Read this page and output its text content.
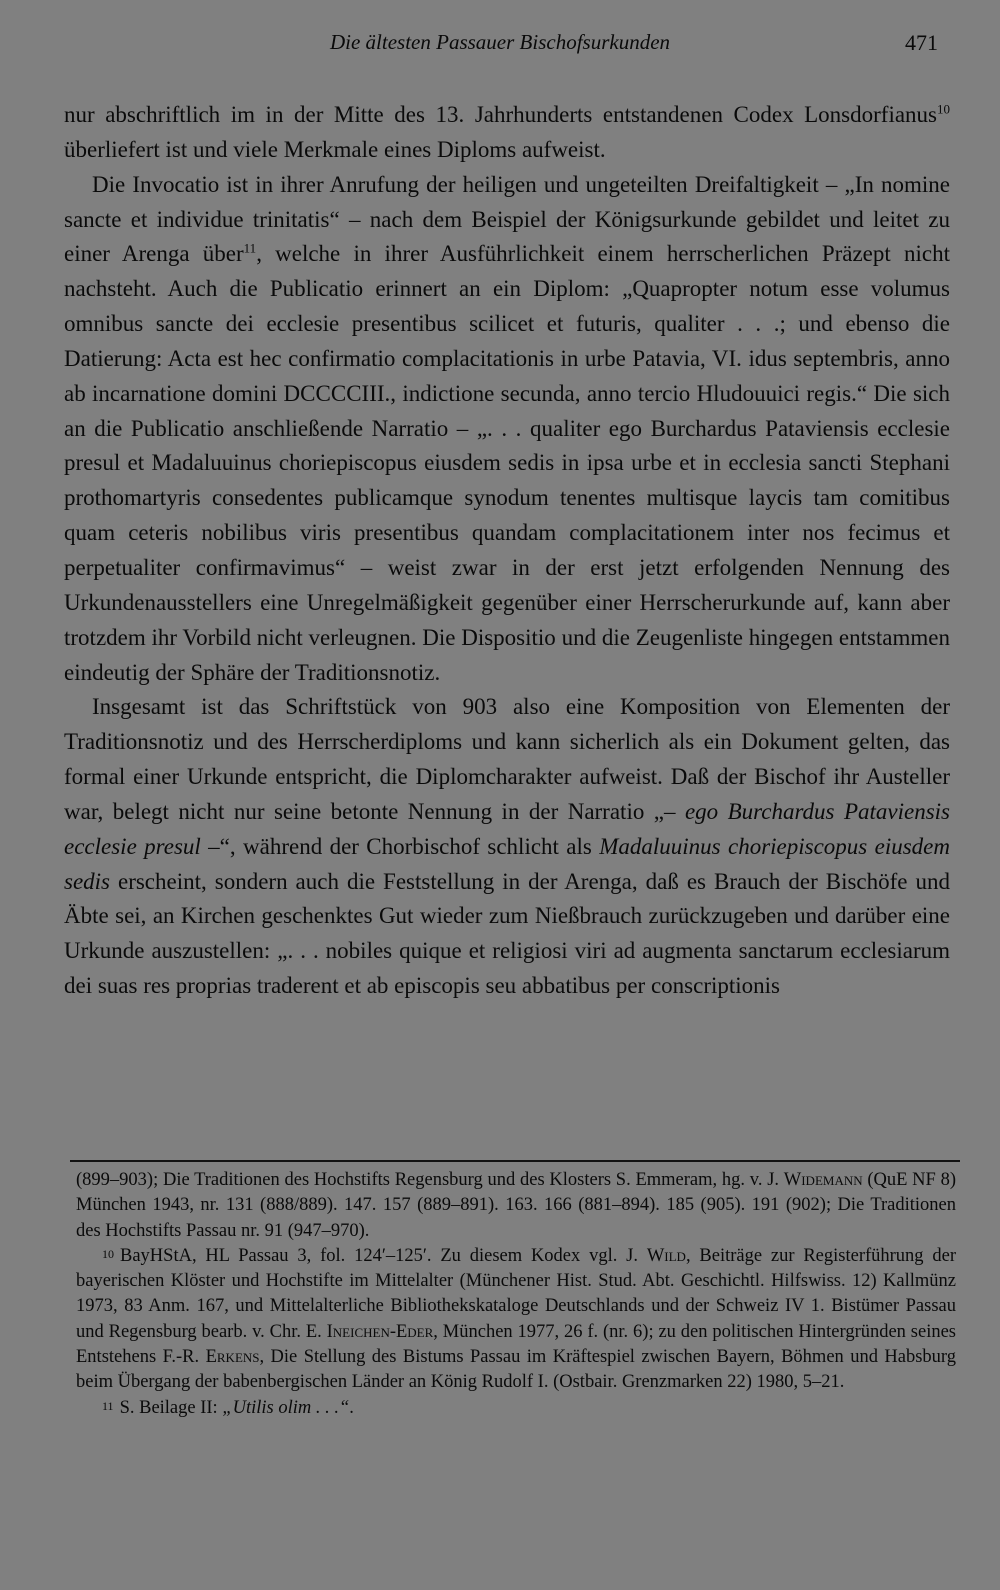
Die ältesten Passauer Bischofsurkunden	471

nur abschriftlich im in der Mitte des 13. Jahrhunderts entstandenen Codex Lonsdorfianus$^{10}$ überliefert ist und viele Merkmale eines Diploms aufweist.

Die Invocatio ist in ihrer Anrufung der heiligen und ungeteilten Dreifaltigkeit – „In nomine sancte et individue trinitatis“ – nach dem Beispiel der Königsurkunde gebildet und leitet zu einer Arenga über$^{11}$, welche in ihrer Ausführlichkeit einem herrscherlichen Präzept nicht nachsteht. Auch die Publicatio erinnert an ein Diplom: „Quapropter notum esse volumus omnibus sancte dei ecclesie presentibus scilicet et futuris, qualiter . . .; und ebenso die Datierung: Acta est hec confirmatio complacitationis in urbe Patavia, VI. idus septembris, anno ab incarnatione domini DCCCCIII., indictione secunda, anno tercio Hludouuici regis.“ Die sich an die Publicatio anschließende Narratio – „. . . qualiter ego Burchardus Pataviensis ecclesie presul et Madaluuinus choriepiscopus eiusdem sedis in ipsa urbe et in ecclesia sancti Stephani prothomartyris consedentes publicamque synodum tenentes multisque laycis tam comitibus quam ceteris nobilibus viris presentibus quandam complacitationem inter nos fecimus et perpetualiter confirmavimus“ – weist zwar in der erst jetzt erfolgenden Nennung des Urkundenausstellers eine Unregelmäßigkeit gegenüber einer Herrscherurkunde auf, kann aber trotzdem ihr Vorbild nicht verleugnen. Die Dispositio und die Zeugenliste hingegen entstammen eindeutig der Sphäre der Traditionsnotiz.

Insgesamt ist das Schriftstück von 903 also eine Komposition von Elementen der Traditionsnotiz und des Herrscherdiploms und kann sicherlich als ein Dokument gelten, das formal einer Urkunde entspricht, die Diplomcharakter aufweist. Daß der Bischof ihr Austeller war, belegt nicht nur seine betonte Nennung in der Narratio „– ego Burchardus Pataviensis ecclesie presul –“, während der Chorbischof schlicht als Madaluuinus choriepiscopus eiusdem sedis erscheint, sondern auch die Feststellung in der Arenga, daß es Brauch der Bischöfe und Äbte sei, an Kirchen geschenktes Gut wieder zum Nießbrauch zurückzugeben und darüber eine Urkunde auszustellen: „. . . nobiles quique et religiosi viri ad augmenta sanctarum ecclesiarum dei suas res proprias traderent et ab episcopis seu abbatibus per conscriptionis

(899–903); Die Traditionen des Hochstifts Regensburg und des Klosters S. Emmeram, hg. v. J. Widemann (QuE NF 8) München 1943, nr. 131 (888/889). 147. 157 (889–891). 163. 166 (881–894). 185 (905). 191 (902); Die Traditionen des Hochstifts Passau nr. 91 (947–970).

$^{10}$ BayHStA, HL Passau 3, fol. 124′–125′. Zu diesem Kodex vgl. J. Wild, Beiträge zur Registerführung der bayerischen Klöster und Hochstifte im Mittelalter (Münchener Hist. Stud. Abt. Geschichtl. Hilfswiss. 12) Kallmünz 1973, 83 Anm. 167, und Mittelalterliche Bibliothekskataloge Deutschlands und der Schweiz IV 1. Bistümer Passau und Regensburg bearb. v. Chr. E. Ineichen-Eder, München 1977, 26 f. (nr. 6); zu den politischen Hintergründen seines Entstehens F.-R. Erkens, Die Stellung des Bistums Passau im Kräftespiel zwischen Bayern, Böhmen und Habsburg beim Übergang der babenbergischen Länder an König Rudolf I. (Ostbair. Grenzmarken 22) 1980, 5–21.

$^{11}$ S. Beilage II: „Utilis olim . . .“.
